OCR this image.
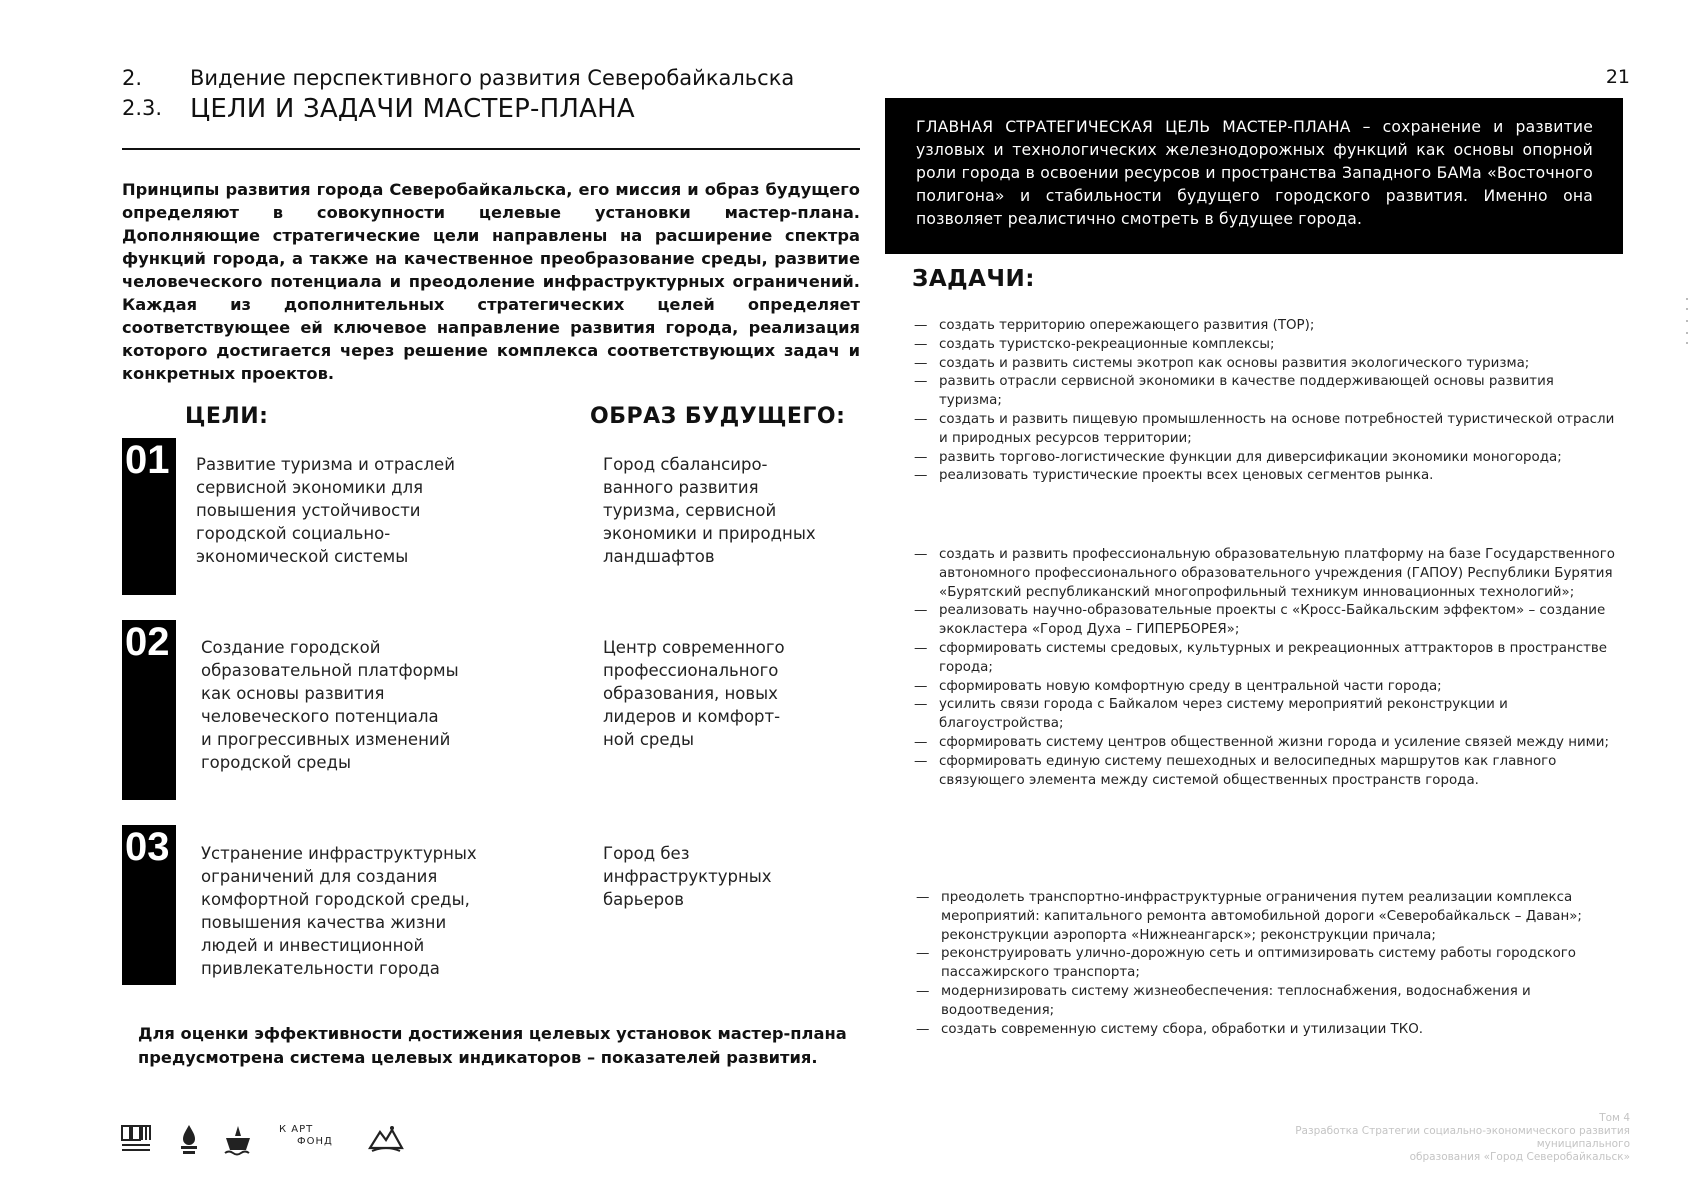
2. Видение перспективного развития Северобайкальска
2.3. ЦЕЛИ И ЗАДАЧИ МАСТЕР-ПЛАНА
21
Принципы развития города Северобайкальска, его миссия и образ будущего определяют в совокупности целевые установки мастер-плана. Дополняющие стратегические цели направлены на расширение спектра функций города, а также на качественное преобразование среды, развитие человеческого потенциала и преодоление инфраструктурных ограничений. Каждая из дополнительных стратегических целей определяет соответствующее ей ключевое направление развития города, реализация которого достигается через решение комплекса соответствующих задач и конкретных проектов.
ЦЕЛИ:	ОБРАЗ БУДУЩЕГО:
01 Развитие туризма и отраслей
сервисной экономики для
повышения устойчивости
городской социально-
экономической системы
Город сбалансиро-
ванного развития
туризма, сервисной
экономики и природных
ландшафтов
02 Создание городской
образовательной платформы
как основы развития
человеческого потенциала
и прогрессивных изменений
городской среды
Центр современного
профессионального
образования, новых
лидеров и комфорт-
ной среды
03 Устранение инфраструктурных
ограничений для создания
комфортной городской среды,
повышения качества жизни
людей и инвестиционной
привлекательности города
Город без
инфраструктурных
барьеров
Для оценки эффективности достижения целевых установок мастер-плана предусмотрена система целевых индикаторов – показателей развития.
ГЛАВНАЯ СТРАТЕГИЧЕСКАЯ ЦЕЛЬ МАСТЕР-ПЛАНА – сохранение и развитие узловых и технологических железнодорожных функций как основы опорной роли города в освоении ресурсов и пространства Западного БАМа «Восточного полигона» и стабильности будущего городского развития. Именно она позволяет реалистично смотреть в будущее города.
ЗАДАЧИ:
— создать территорию опережающего развития (ТОР);
— создать туристско-рекреационные комплексы;
— создать и развить системы экотроп как основы развития экологического туризма;
— развить отрасли сервисной экономики в качестве поддерживающей основы развития туризма;
— создать и развить пищевую промышленность на основе потребностей туристической отрасли и природных ресурсов территории;
— развить торгово-логистические функции для диверсификации экономики моногорода;
— реализовать туристические проекты всех ценовых сегментов рынка.
— создать и развить профессиональную образовательную платформу на базе Государственного автономного профессионального образовательного учреждения (ГАПОУ) Республики Бурятия «Бурятский республиканский многопрофильный техникум инновационных технологий»;
— реализовать научно-образовательные проекты с «Кросс-Байкальским эффектом» – создание экокластера «Город Духа – ГИПЕРБОРЕЯ»;
— сформировать системы средовых, культурных и рекреационных аттракторов в пространстве города;
— сформировать новую комфортную среду в центральной части города;
— усилить связи города с Байкалом через систему мероприятий реконструкции и благоустройства;
— сформировать систему центров общественной жизни города и усиление связей между ними;
— сформировать единую систему пешеходных и велосипедных маршрутов как главного связующего элемента между системой общественных пространств города.
— преодолеть транспортно-инфраструктурные ограничения путем реализации комплекса мероприятий: капитального ремонта автомобильной дороги «Северобайкальск – Даван»; реконструкции аэропорта «Нижнеангарск»; реконструкции причала;
— реконструировать улично-дорожную сеть и оптимизировать систему работы городского пассажирского транспорта;
— модернизировать систему жизнеобеспечения: теплоснабжения, водоснабжения и водоотведения;
— создать современную систему сбора, обработки и утилизации ТКО.
К АРТ
ФОНД
Том 4
Разработка Стратегии социально-экономического развития муниципального
образования «Город Северобайкальск»
